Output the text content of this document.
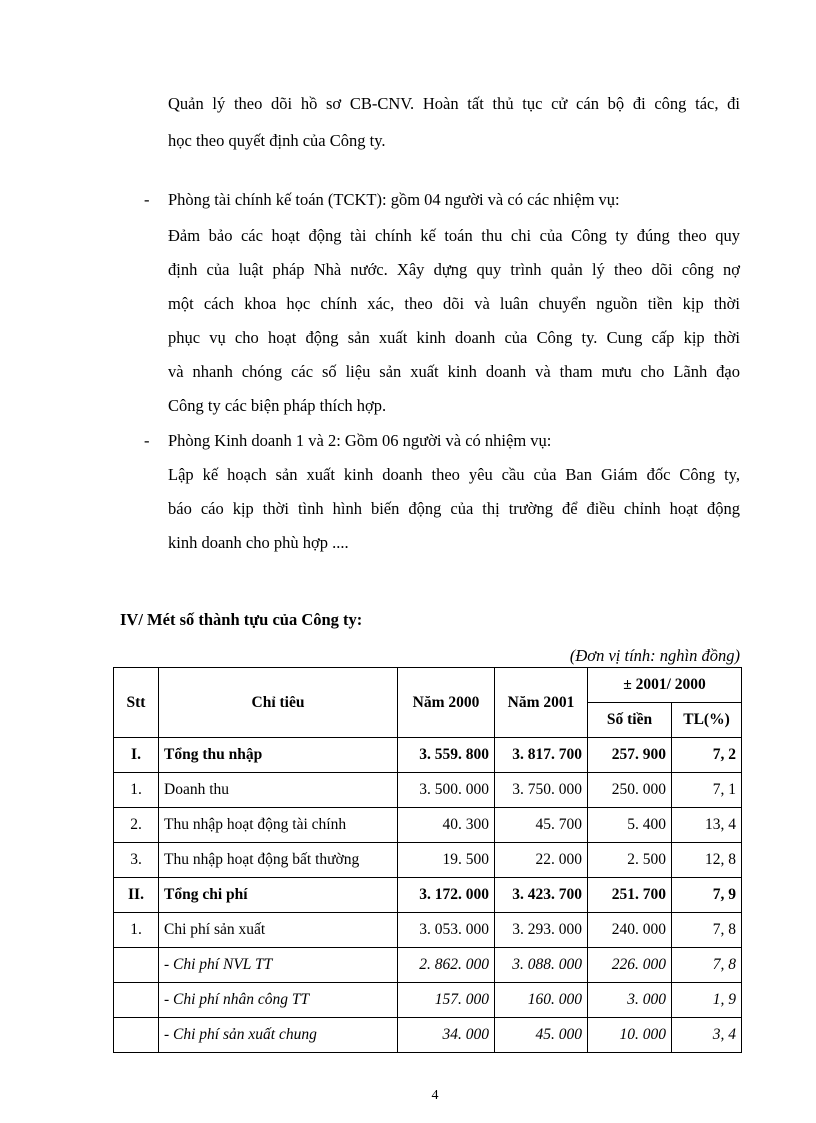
Quản lý theo dõi hồ sơ CB-CNV. Hoàn tất thủ tục cử cán bộ đi công tác, đi
học theo quyết định của Công ty.
- Phòng tài chính kế toán (TCKT): gồm 04 người và có các nhiệm vụ:
Đảm bảo các hoạt động tài chính kế toán thu chi của Công ty đúng theo quy
định của luật pháp Nhà nước. Xây dựng quy trình quản lý theo dõi công nợ
một cách khoa học chính xác, theo dõi và luân chuyển nguồn tiền kịp thời
phục vụ cho hoạt động sản xuất kinh doanh của Công ty. Cung cấp kịp thời
và nhanh chóng các số liệu sản xuất kinh doanh và tham mưu cho Lãnh đạo
Công ty các biện pháp thích hợp.
- Phòng Kinh doanh 1 và 2: Gồm 06 người và có nhiệm vụ:
Lập kế hoạch sản xuất kinh doanh theo yêu cầu của Ban Giám đốc Công ty,
báo cáo kịp thời tình hình biến động của thị trường để điều chỉnh hoạt động
kinh doanh cho phù hợp ....
IV/ Mét số thành tựu của Công ty:
(Đơn vị tính: nghìn đồng)
Stt	Chỉ tiêu	Năm 2000	Năm 2001	± 2001/ 2000	
				Số tiền	TL(%)
I.	Tổng thu nhập	3. 559. 800	3. 817. 700	257. 900	7, 2
1.	Doanh thu	3. 500. 000	3. 750. 000	250. 000	7, 1
2.	Thu nhập hoạt động tài chính	40. 300	45. 700	5. 400	13, 4
3.	Thu nhập hoạt động bất thường	19. 500	22. 000	2. 500	12, 8
II.	Tổng chi phí	3. 172. 000	3. 423. 700	251. 700	7, 9
1.	Chi phí sản xuất	3. 053. 000	3. 293. 000	240. 000	7, 8
	- Chi phí NVL TT	2. 862. 000	3. 088. 000	226. 000	7, 8
	- Chi phí nhân công TT	157. 000	160. 000	3. 000	1, 9
	- Chi phí sản xuất chung	34. 000	45. 000	10. 000	3, 4
4
